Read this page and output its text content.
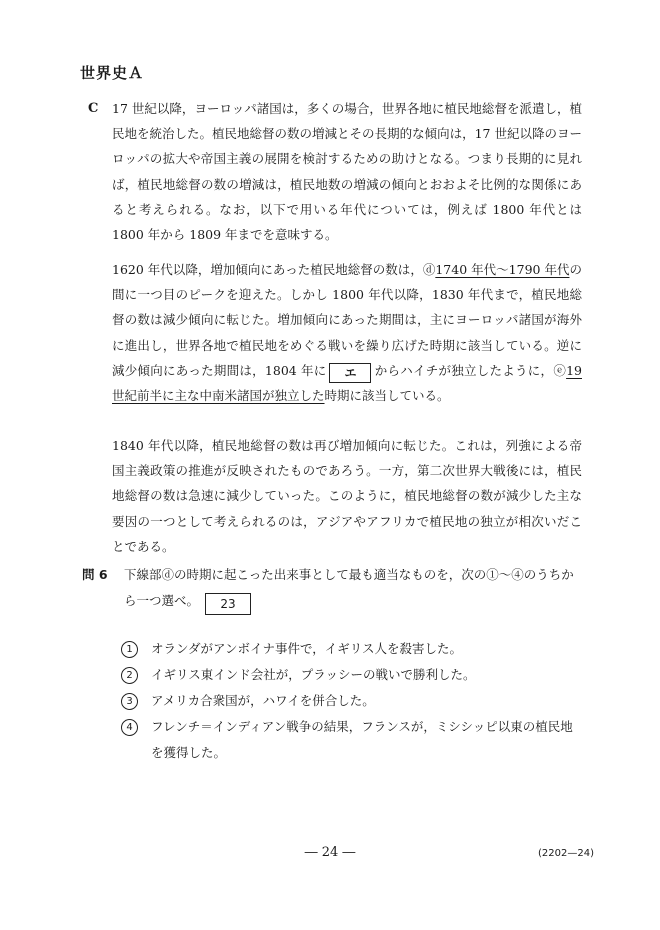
世界史Ａ
C 17 世紀以降，ヨーロッパ諸国は，多くの場合，世界各地に植民地総督を派遣し，植民地を統治した。植民地総督の数の増減とその長期的な傾向は，17 世紀以降のヨーロッパの拡大や帝国主義の展開を検討するための助けとなる。つまり長期的に見れば，植民地総督の数の増減は，植民地数の増減の傾向とおおよそ比例的な関係にあると考えられる。なお，以下で用いる年代については，例えば 1800 年代とは 1800 年から 1809 年までを意味する。
1620 年代以降，増加傾向にあった植民地総督の数は，ⓓ1740 年代～1790 年代の間に一つ目のピークを迎えた。しかし 1800 年代以降，1830 年代まで，植民地総督の数は減少傾向に転じた。増加傾向にあった期間は，主にヨーロッパ諸国が海外に進出し，世界各地で植民地をめぐる戦いを繰り広げた時期に該当している。逆に減少傾向にあった期間は，1804 年に エ からハイチが独立したように，ⓔ19 世紀前半に主な中南米諸国が独立した時期に該当している。
1840 年代以降，植民地総督の数は再び増加傾向に転じた。これは，列強による帝国主義政策の推進が反映されたものであろう。一方，第二次世界大戦後には，植民地総督の数は急速に減少していった。このように，植民地総督の数が減少した主な要因の一つとして考えられるのは，アジアやアフリカで植民地の独立が相次いだことである。
問 6 下線部ⓓの時期に起こった出来事として最も適当なものを，次の①～④のうちから一つ選べ。 23
1	オランダがアンボイナ事件で，イギリス人を殺害した。
2	イギリス東インド会社が，プラッシーの戦いで勝利した。
3	アメリカ合衆国が，ハワイを併合した。
4	フレンチ＝インディアン戦争の結果，フランスが，ミシシッピ以東の植民地を獲得した。
― 24 ―	(2202—24)
